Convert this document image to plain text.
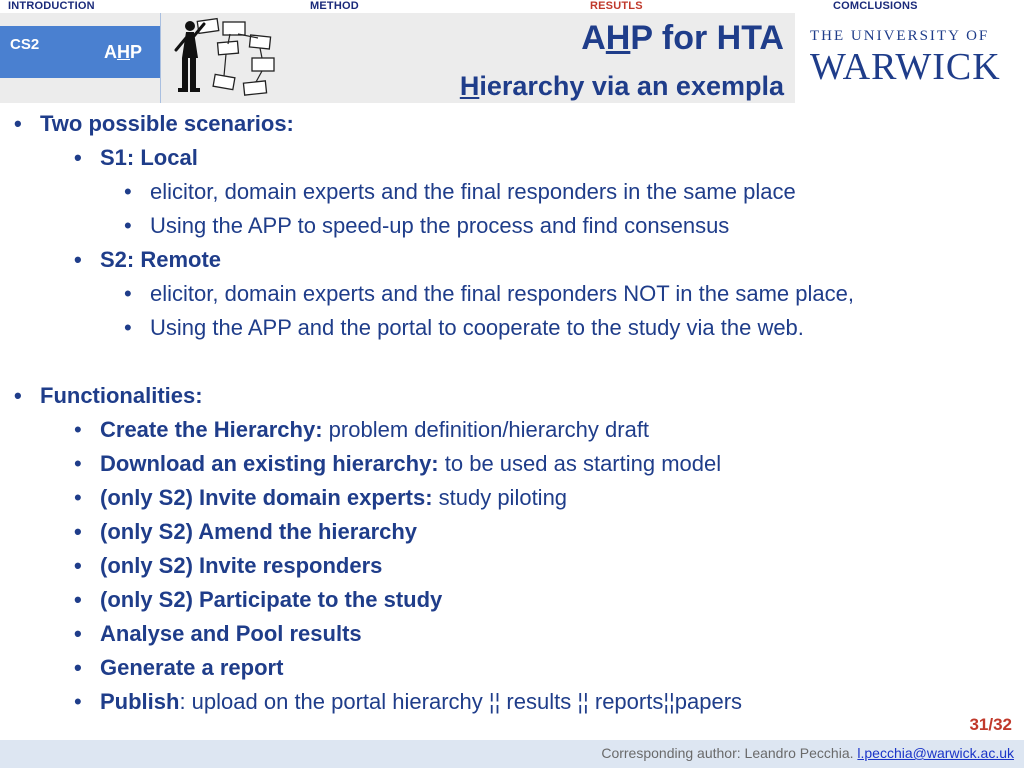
INTRODUCTION	METHOD	RESUTLS	COMCLUSIONS
CS2	AHP	AHP for HTA
Hierarchy via an exempla
THE UNIVERSITY OF
WARWICK
• Two possible scenarios:
• S1: Local
• elicitor, domain experts and the final responders in the same place
• Using the APP to speed-up the process and find consensus
• S2: Remote
• elicitor, domain experts and the final responders NOT in the same place,
• Using the APP and the portal to cooperate to the study via the web.
• Functionalities:
• Create the Hierarchy: problem definition/hierarchy draft
• Download an existing hierarchy: to be used as starting model
• (only S2) Invite domain experts: study piloting
• (only S2) Amend the hierarchy
• (only S2) Invite responders
• (only S2) Participate to the study
• Analyse and Pool results
• Generate a report
• Publish: upload on the portal hierarchy ¦¦ results ¦¦ reports¦¦papers
31/32
Corresponding author: Leandro Pecchia. l.pecchia@warwick.ac.uk
